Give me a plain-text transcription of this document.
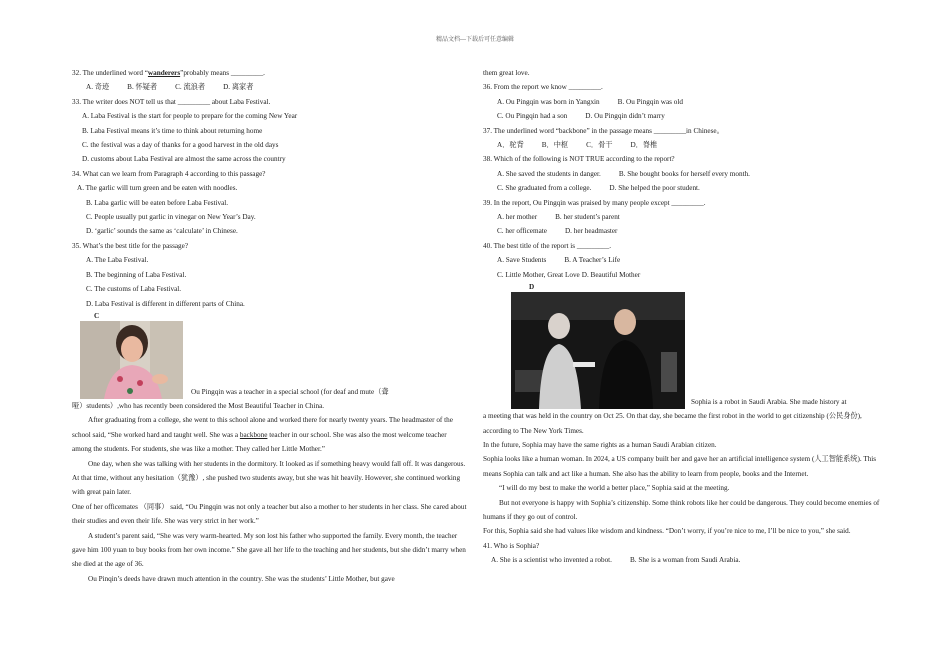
精品文档---下载后可任意编辑
32. The underlined word “wanderers”probably means _________.
A. 奇迹	B. 怀疑者	C. 流浪者	D. 离家者
33. The writer does NOT tell us that _________ about Laba Festival.
A. Laba Festival is the start for people to prepare for the coming New Year
B. Laba Festival means it’s time to think about returning home
C. the festival was a day of thanks for a good harvest in the old days
D. customs about Laba Festival are almost the same across the country
34. What can we learn from Paragraph 4 according to this passage?
A. The garlic will turn green and be eaten with noodles.
B. Laba garlic will be eaten before Laba Festival.
C. People usually put garlic in vinegar on New Year’s Day.
D. ‘garlic’ sounds the same as ‘calculate’ in Chinese.
35. What’s the best title for the passage?
A. The Laba Festival.
B. The beginning of Laba Festival.
C. The customs of Laba Festival.
D. Laba Festival is different in different parts of China.
C
Ou Pingqin was a teacher in a special school (for deaf and mute（聋
哑）students）,who has recently been considered the Most Beautiful Teacher in China.
After graduating from a college, she went to this school alone and worked there for nearly twenty years. The headmaster of the school said, “She worked hard and taught well. She was a backbone teacher in our school. She was also the most welcome teacher among the students. For students, she was like a mother. They called her Little Mother.”
One day, when she was talking with her students in the dormitory. It looked as if something heavy would fall off. It was dangerous. At that time, without any hesitation（犹豫）, she pushed two students away, but she was hit heavily. However, she continued working with great pain later.
One of her officemates （同事） said, “Ou Pingqin was not only a teacher but also a mother to her students in her class. She cared about their studies and even their life. She was very strict in her work.”
A student’s parent said, “She was very warm-hearted. My son lost his father who supported the family. Every month, the teacher gave him 100 yuan to buy books from her own income.” She gave all her life to the teaching and her students, but she didn’t marry when she died at the age of 36.
Ou Pinqin’s deeds have drawn much attention in the country. She was the students’ Little Mother, but gave
them great love.
36. From the report we know _________.
A. Ou Pingqin was born in Yangxin	B. Ou Pingqin was old
C. Ou Pingqin had a son	D. Ou Pingqin didn’t marry
37. The underlined word “backbone” in the passage means _________in Chinese。
A．驼背	B．中枢	C．骨干	D．脊椎
38. Which of the following is NOT TRUE according to the report?
A. She saved the students in danger.	B. She bought books for herself every month.
C. She graduated from a college.	D. She helped the poor student.
39. In the report, Ou Pingqin was praised by many people except _________.
A. her mother	B. her student’s parent
C. her officemate	D. her headmaster
40. The best title of the report is _________.
A. Save Students	B. A Teacher’s Life
C. Little Mother, Great Love D. Beautiful Mother
D
Sophia is a robot in Saudi Arabia. She made history at
a meeting that was held in the country on Oct 25. On that day, she became the first robot in the world to get citizenship (公民身份), according to The New York Times.
In the future, Sophia may have the same rights as a human Saudi Arabian citizen.
Sophia looks like a human woman. In 2024, a US company built her and gave her an artificial intelligence system (人工智能系统). This means Sophia can talk and act like a human. She also has the ability to learn from people, books and the Internet.
“I will do my best to make the world a better place,” Sophia said at the meeting.
But not everyone is happy with Sophia’s citizenship. Some think robots like her could be dangerous. They could become enemies of humans if they go out of control.
For this, Sophia said she had values like wisdom and kindness. “Don’t worry, if you’re nice to me, I’ll be nice to you,” she said.
41. Who is Sophia?
A. She is a scientist who invented a robot.	B. She is a woman from Saudi Arabia.
